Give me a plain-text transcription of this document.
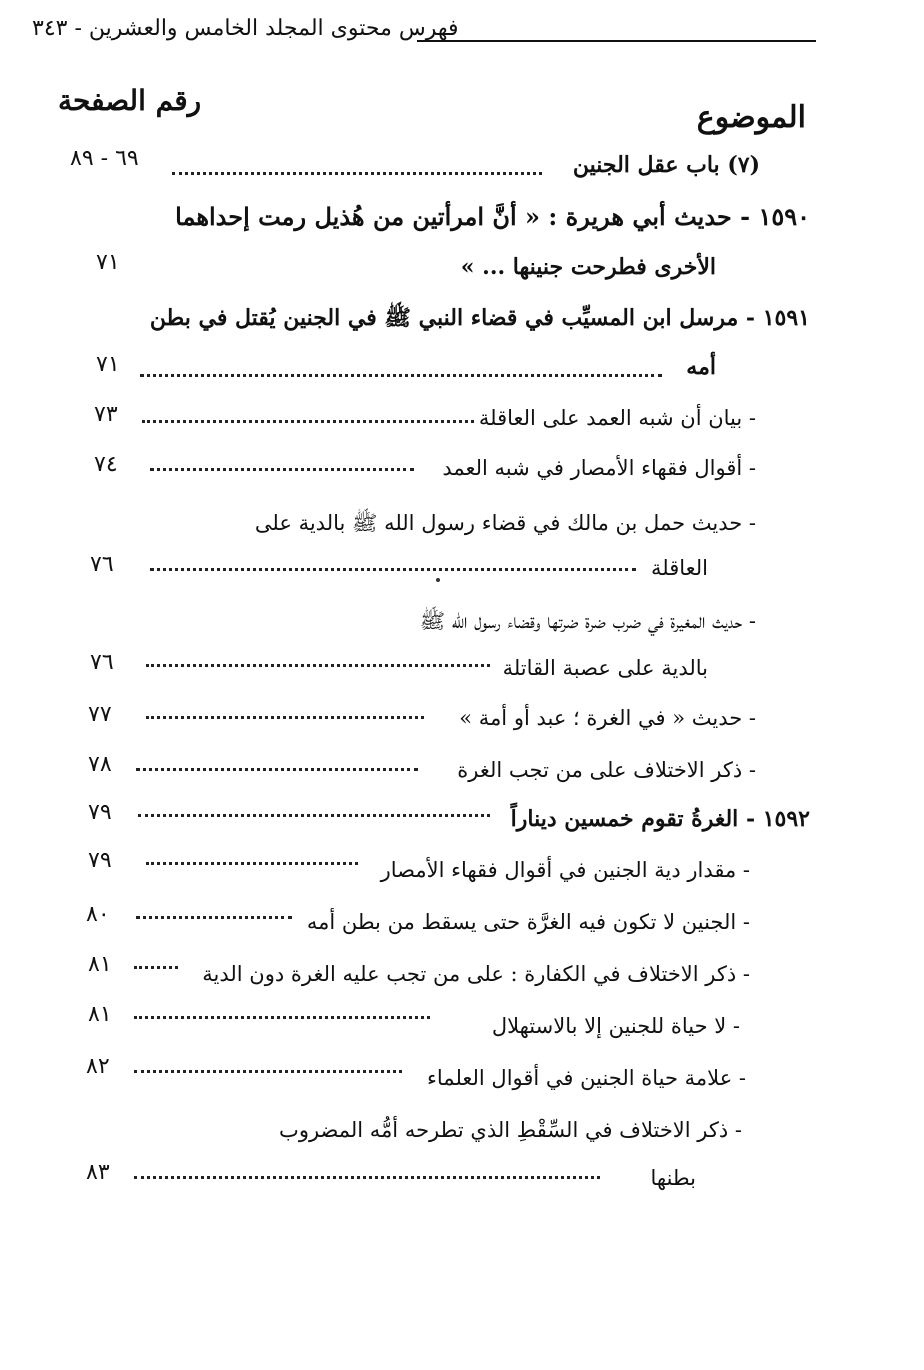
فهرس محتوى المجلد الخامس والعشرين - ٣٤٣
الموضوع
رقم الصفحة
(٧) باب عقل الجنين
٦٩ - ٨٩
١٥٩٠ - حديث أبي هريرة : « أنَّ امرأتين من هُذيل رمت إحداهما
الأخرى فطرحت جنينها ... »
٧١
١٥٩١ - مرسل ابن المسيِّب في قضاء النبي ﷺ في الجنين يُقتل في بطن
أمه
٧١
- بيان أن شبه العمد على العاقلة
٧٣
- أقوال فقهاء الأمصار في شبه العمد
٧٤
- حديث حمل بن مالك في قضاء رسول الله ﷺ بالدية على
العاقلة
٧٦
- حديث المغيرة في ضرب ضرة ضرتها وقضاء رسول الله ﷺ
بالدية على عصبة القاتلة
٧٦
- حديث « في الغرة ؛ عبد أو أمة »
٧٧
- ذكر الاختلاف على من تجب الغرة
٧٨
١٥٩٢ - الغرةُ تقوم خمسين ديناراً
٧٩
- مقدار دية الجنين في أقوال فقهاء الأمصار
٧٩
- الجنين لا تكون فيه الغرَّة حتى يسقط من بطن أمه
٨٠
- ذكر الاختلاف في الكفارة : على من تجب عليه الغرة دون الدية
٨١
- لا حياة للجنين إلا بالاستهلال
٨١
- علامة حياة الجنين في أقوال العلماء
٨٢
- ذكر الاختلاف في السِّقْطِ الذي تطرحه أمُّه المضروب
بطنها
٨٣
